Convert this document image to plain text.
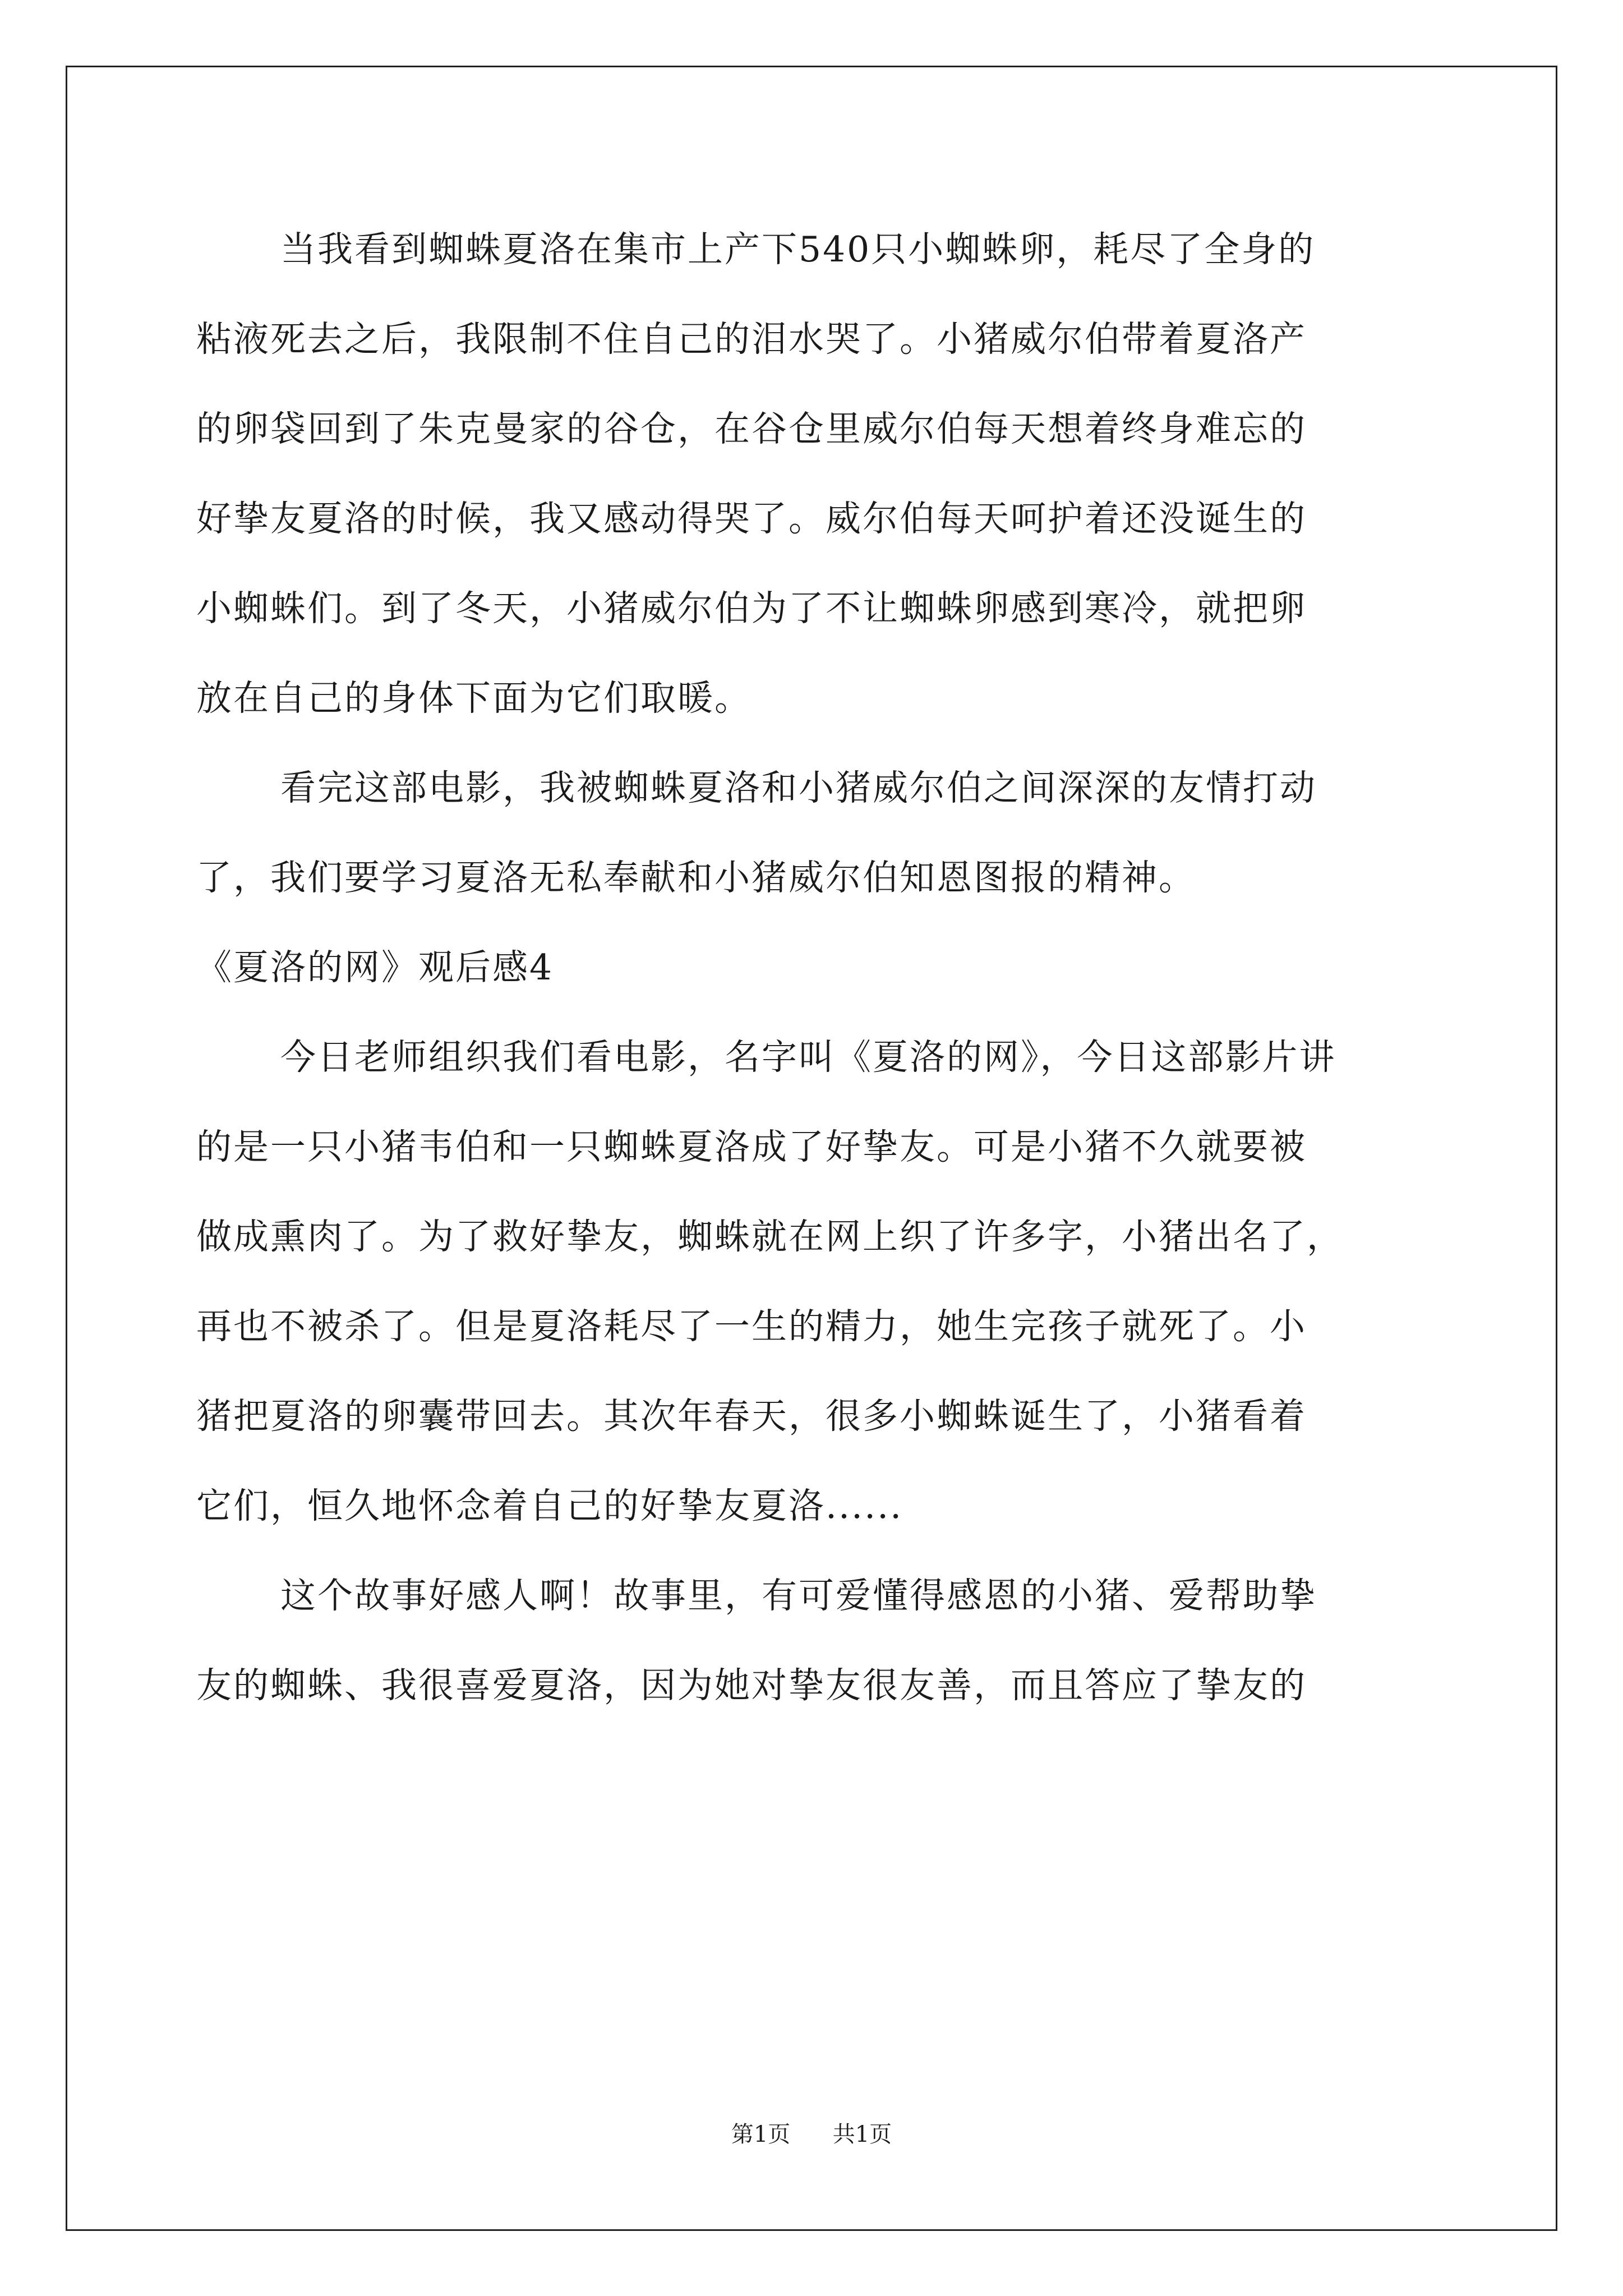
当我看到蜘蛛夏洛在集市上产下540只小蜘蛛卵，耗尽了全身的
粘液死去之后，我限制不住自己的泪水哭了。小猪威尔伯带着夏洛产
的卵袋回到了朱克曼家的谷仓，在谷仓里威尔伯每天想着终身难忘的
好挚友夏洛的时候，我又感动得哭了。威尔伯每天呵护着还没诞生的
小蜘蛛们。到了冬天，小猪威尔伯为了不让蜘蛛卵感到寒冷，就把卵
放在自己的身体下面为它们取暖。
看完这部电影，我被蜘蛛夏洛和小猪威尔伯之间深深的友情打动
了，我们要学习夏洛无私奉献和小猪威尔伯知恩图报的精神。
《夏洛的网》观后感4
今日老师组织我们看电影，名字叫《夏洛的网》，今日这部影片讲
的是一只小猪韦伯和一只蜘蛛夏洛成了好挚友。可是小猪不久就要被
做成熏肉了。为了救好挚友，蜘蛛就在网上织了许多字，小猪出名了，
再也不被杀了。但是夏洛耗尽了一生的精力，她生完孩子就死了。小
猪把夏洛的卵囊带回去。其次年春天，很多小蜘蛛诞生了，小猪看着
它们，恒久地怀念着自己的好挚友夏洛......
这个故事好感人啊！故事里，有可爱懂得感恩的小猪、爱帮助挚
友的蜘蛛、我很喜爱夏洛，因为她对挚友很友善，而且答应了挚友的
第1页 共1页
